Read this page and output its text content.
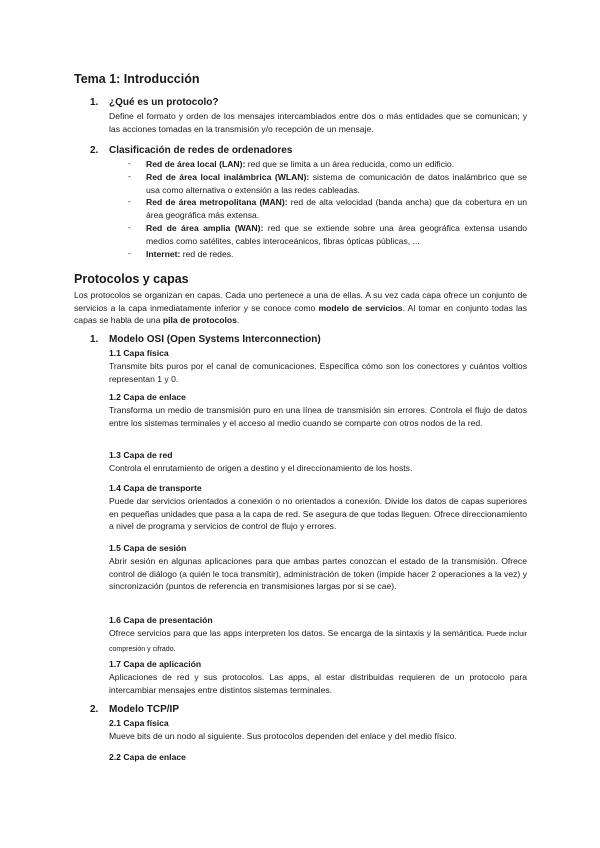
Tema 1: Introducción
1. ¿Qué es un protocolo?
Define el formato y orden de los mensajes intercambiados entre dos o más entidades que se comunican; y las acciones tomadas en la transmisión y/o recepción de un mensaje.
2. Clasificación de redes de ordenadores
- Red de área local (LAN): red que se limita a un área reducida, como un edificio.
- Red de área local inalámbrica (WLAN): sistema de comunicación de datos inalámbrico que se usa como alternativa o extensión a las redes cableadas.
- Red de área metropolitana (MAN): red de alta velocidad (banda ancha) que da cobertura en un área geográfica más extensa.
- Red de área amplia (WAN): red que se extiende sobre una área geográfica extensa usando medios como satélites, cables interoceánicos, fibras ópticas públicas, ...
- Internet: red de redes.
Protocolos y capas
Los protocolos se organizan en capas. Cada uno pertenece a una de ellas. A su vez cada capa ofrece un conjunto de servicios a la capa inmediatamente inferior y se conoce como modelo de servicios. Al tomar en conjunto todas las capas se habla de una pila de protocolos.
1. Modelo OSI (Open Systems Interconnection)
1.1 Capa física
Transmite bits puros por el canal de comunicaciones. Especifica cómo son los conectores y cuántos voltios representan 1 y 0.
1.2 Capa de enlace
Transforma un medio de transmisión puro en una línea de transmisión sin errores. Controla el flujo de datos entre los sistemas terminales y el acceso al medio cuando se comparte con otros nodos de la red.
1.3 Capa de red
Controla el enrutamiento de origen a destino y el direccionamiento de los hosts.
1.4 Capa de transporte
Puede dar servicios orientados a conexión o no orientados a conexión. Divide los datos de capas superiores en pequeñas unidades que pasa a la capa de red. Se asegura de que todas lleguen. Ofrece direccionamiento a nivel de programa y servicios de control de flujo y errores.
1.5 Capa de sesión
Abrir sesión en algunas aplicaciones para que ambas partes conozcan el estado de la transmisión. Ofrece control de diálogo (a quién le toca transmitir), administración de token (impide hacer 2 operaciones a la vez) y sincronización (puntos de referencia en transmisiones largas por si se cae).
1.6 Capa de presentación
Ofrece servicios para que las apps interpreten los datos. Se encarga de la sintaxis y la semántica. Puede incluir compresión y cifrado.
1.7 Capa de aplicación
Aplicaciones de red y sus protocolos. Las apps, al estar distribuidas requieren de un protocolo para intercambiar mensajes entre distintos sistemas terminales.
2. Modelo TCP/IP
2.1 Capa física
Mueve bits de un nodo al siguiente. Sus protocolos dependen del enlace y del medio físico.
2.2 Capa de enlace
